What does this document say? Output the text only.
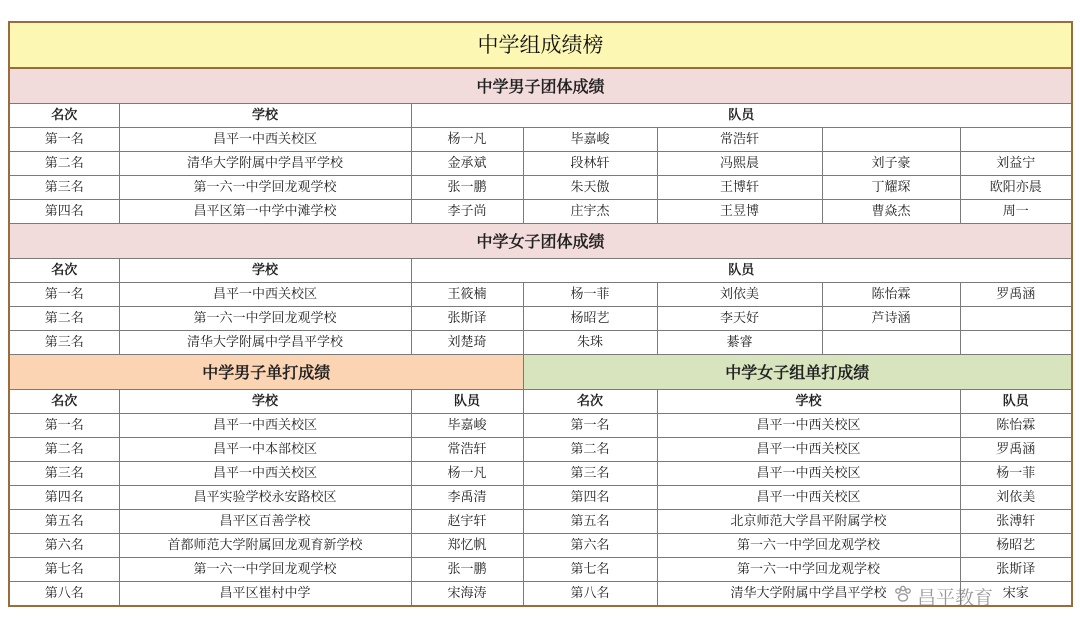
中学组成绩榜						
中学男子团体成绩						
名次	学校	队员				
第一名	昌平一中西关校区	杨一凡	毕嘉峻	常浩轩		
第二名	清华大学附属中学昌平学校	金承斌	段林轩	冯熙晨	刘子豪	刘益宁
第三名	第一六一中学回龙观学校	张一鹏	朱天傲	王博轩	丁耀琛	欧阳亦晨
第四名	昌平区第一中学中滩学校	李子尚	庄宇杰	王昱博	曹焱杰	周一
中学女子团体成绩						
名次	学校	队员				
第一名	昌平一中西关校区	王筱楠	杨一菲	刘依美	陈怡霖	罗禹涵
第二名	第一六一中学回龙观学校	张斯译	杨昭艺	李天好	芦诗涵	
第三名	清华大学附属中学昌平学校	刘楚琦	朱珠	綦睿		
中学男子单打成绩			中学女子组单打成绩			
名次	学校	队员	名次	学校		队员
第一名	昌平一中西关校区	毕嘉峻	第一名	昌平一中西关校区		陈怡霖
第二名	昌平一中本部校区	常浩轩	第二名	昌平一中西关校区		罗禹涵
第三名	昌平一中西关校区	杨一凡	第三名	昌平一中西关校区		杨一菲
第四名	昌平实验学校永安路校区	李禹清	第四名	昌平一中西关校区		刘依美
第五名	昌平区百善学校	赵宇轩	第五名	北京师范大学昌平附属学校		张溥轩
第六名	首都师范大学附属回龙观育新学校	郑忆帆	第六名	第一六一中学回龙观学校		杨昭艺
第七名	第一六一中学回龙观学校	张一鹏	第七名	第一六一中学回龙观学校		张斯译
第八名	昌平区崔村中学	宋海涛	第八名	清华大学附属中学昌平学校		宋家
昌平教育
